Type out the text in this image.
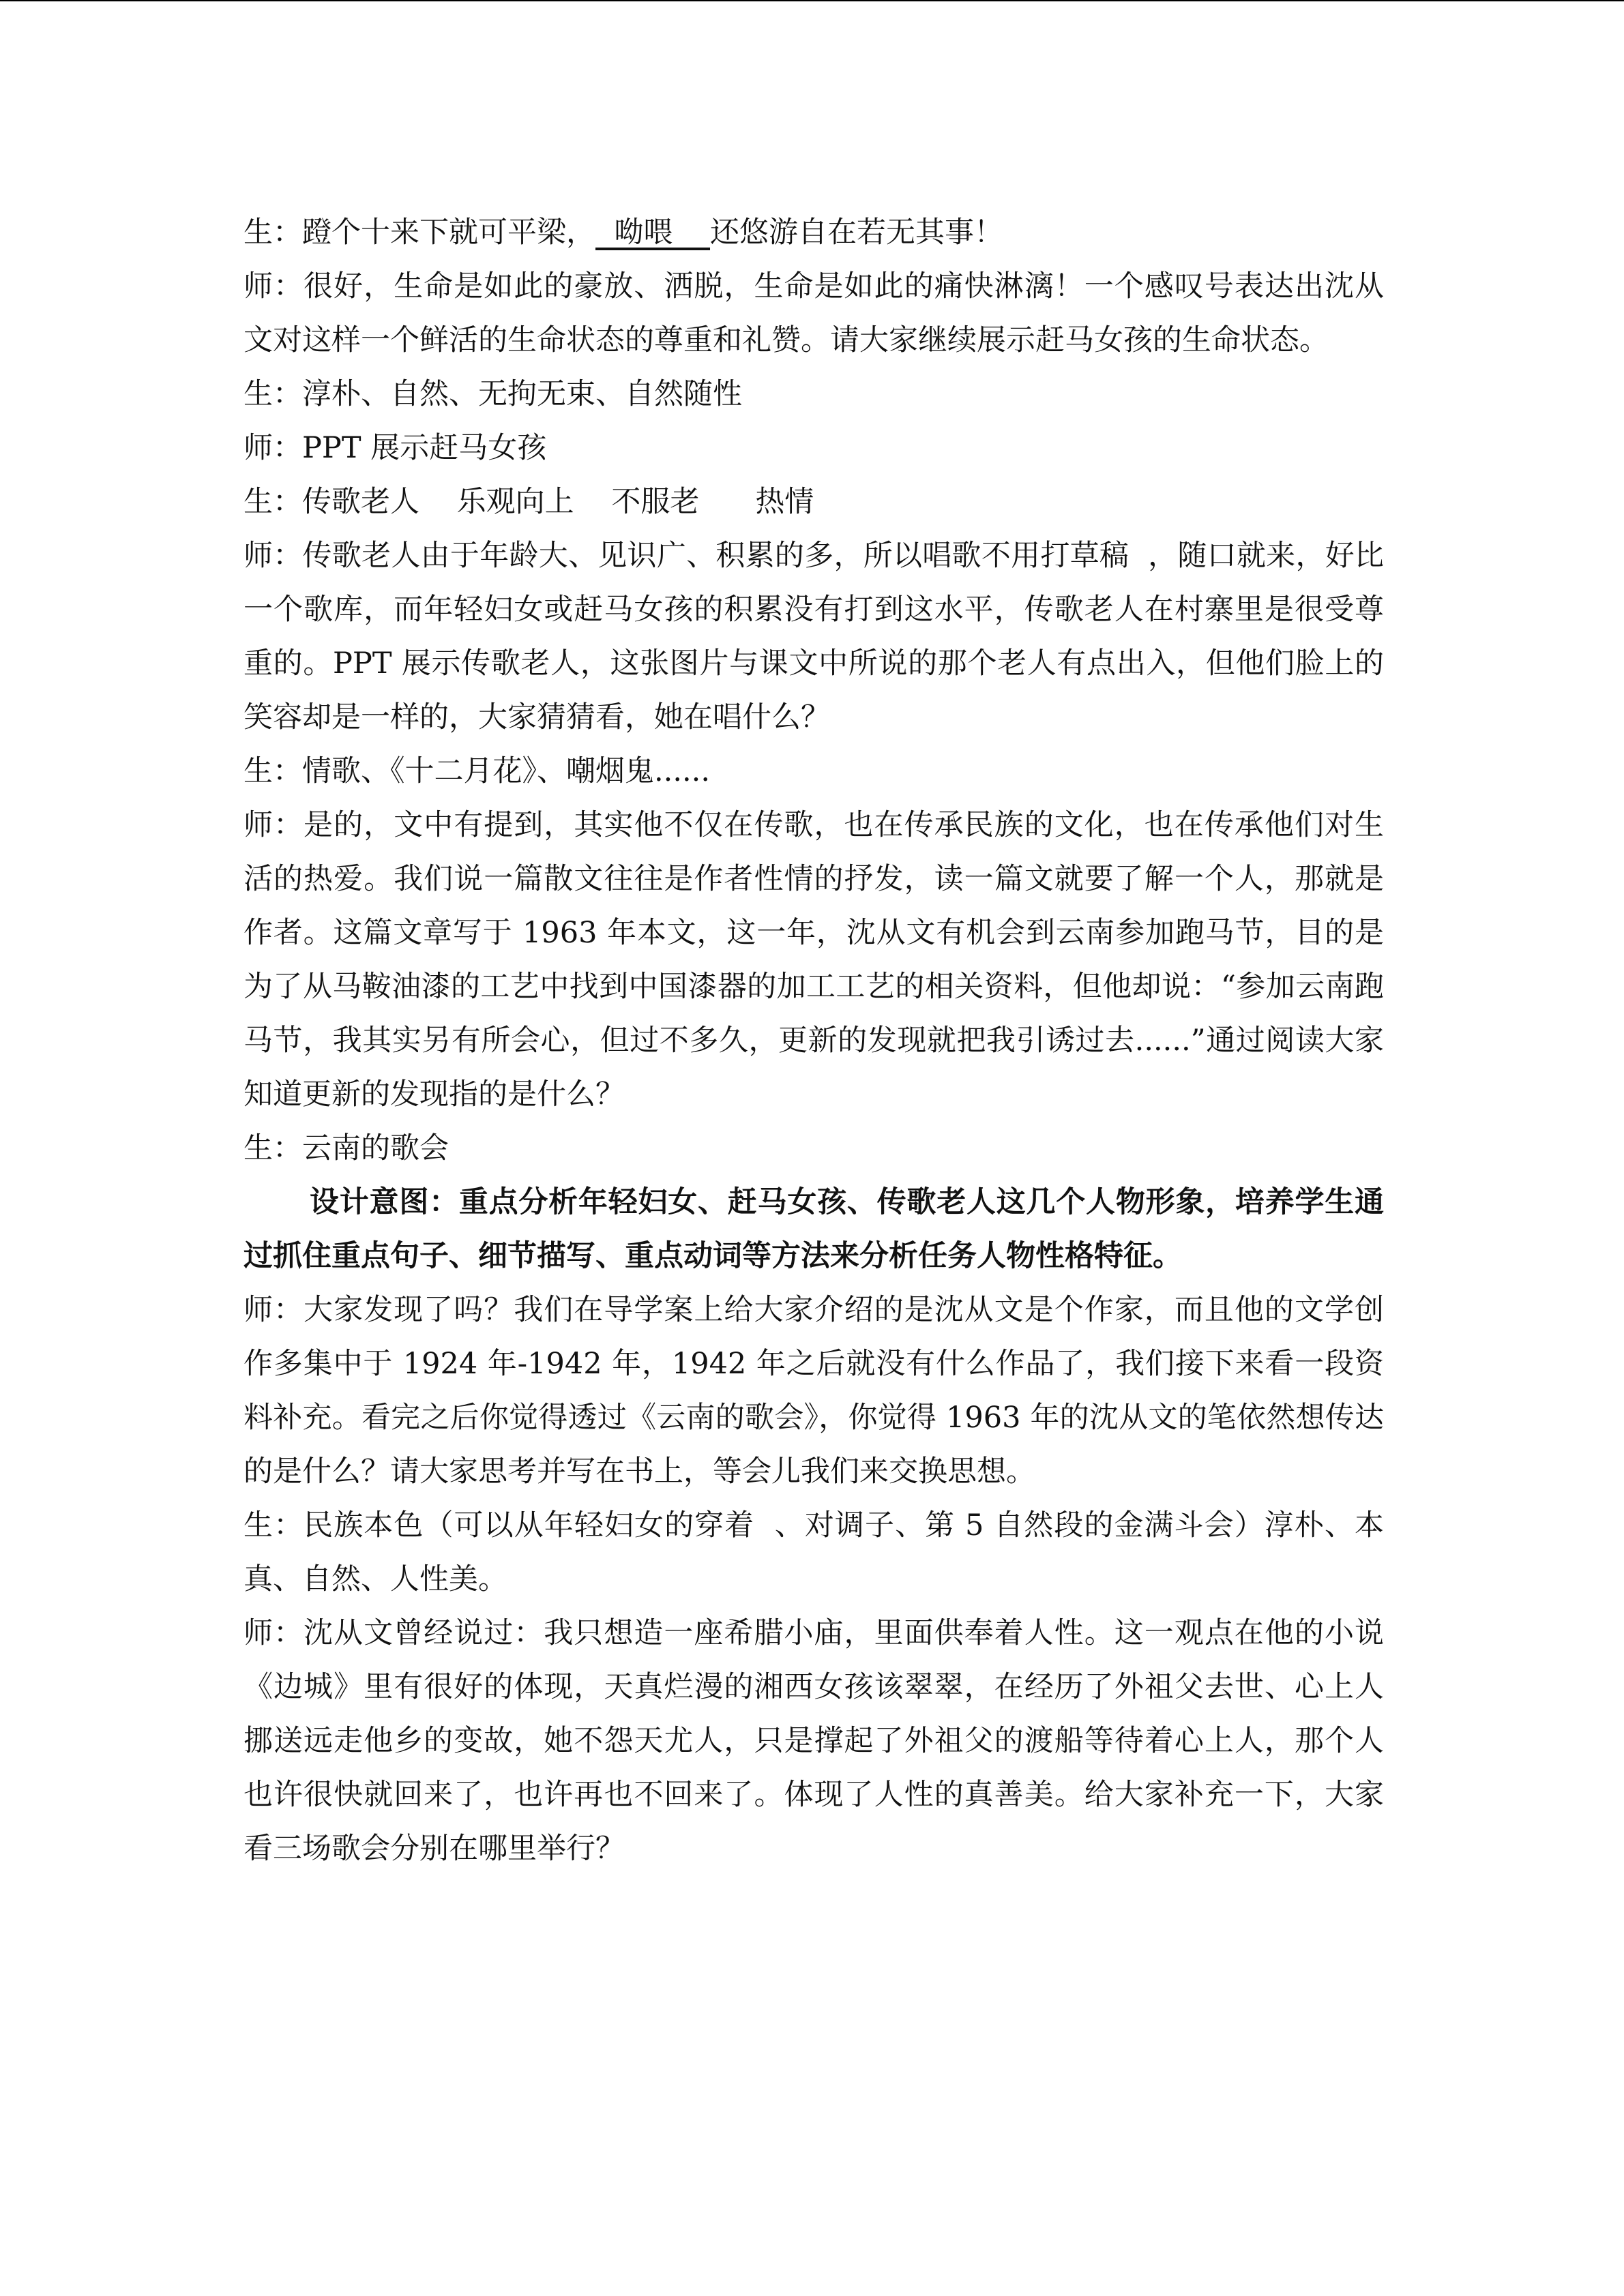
生：蹬个十来下就可平梁，  呦喂    还悠游自在若无其事！

师：很好，生命是如此的豪放、洒脱，生命是如此的痛快淋漓！一个感叹号表达出沈从文对这样一个鲜活的生命状态的尊重和礼赞。请大家继续展示赶马女孩的生命状态。

生：淳朴、自然、无拘无束、自然随性

师：PPT 展示赶马女孩

生：传歌老人    乐观向上    不服老      热情

师：传歌老人由于年龄大、见识广、积累的多，所以唱歌不用打草稿  ，随口就来，好比一个歌库，而年轻妇女或赶马女孩的积累没有打到这水平，传歌老人在村寨里是很受尊重的。PPT 展示传歌老人，这张图片与课文中所说的那个老人有点出入，但他们脸上的笑容却是一样的，大家猜猜看，她在唱什么？

生：情歌、《十二月花》、嘲烟鬼......

师：是的，文中有提到，其实他不仅在传歌，也在传承民族的文化，也在传承他们对生活的热爱。我们说一篇散文往往是作者性情的抒发，读一篇文就要了解一个人，那就是作者。这篇文章写于 1963 年本文，这一年，沈从文有机会到云南参加跑马节，目的是为了从马鞍油漆的工艺中找到中国漆器的加工工艺的相关资料，但他却说：“参加云南跑马节，我其实另有所会心，但过不多久，更新的发现就把我引诱过去......”通过阅读大家知道更新的发现指的是什么？

生：云南的歌会

设计意图：重点分析年轻妇女、赶马女孩、传歌老人这几个人物形象，培养学生通过抓住重点句子、细节描写、重点动词等方法来分析任务人物性格特征。

师：大家发现了吗？我们在导学案上给大家介绍的是沈从文是个作家，而且他的文学创作多集中于 1924 年-1942 年，1942 年之后就没有什么作品了，我们接下来看一段资料补充。看完之后你觉得透过《云南的歌会》，你觉得 1963 年的沈从文的笔依然想传达的是什么？请大家思考并写在书上，等会儿我们来交换思想。

生：民族本色（可以从年轻妇女的穿着  、对调子、第 5 自然段的金满斗会）淳朴、本真、自然、人性美。

师：沈从文曾经说过：我只想造一座希腊小庙，里面供奉着人性。这一观点在他的小说《边城》里有很好的体现，天真烂漫的湘西女孩该翠翠，在经历了外祖父去世、心上人挪送远走他乡的变故，她不怨天尤人，只是撑起了外祖父的渡船等待着心上人，那个人也许很快就回来了，也许再也不回来了。体现了人性的真善美。给大家补充一下，大家看三场歌会分别在哪里举行？
